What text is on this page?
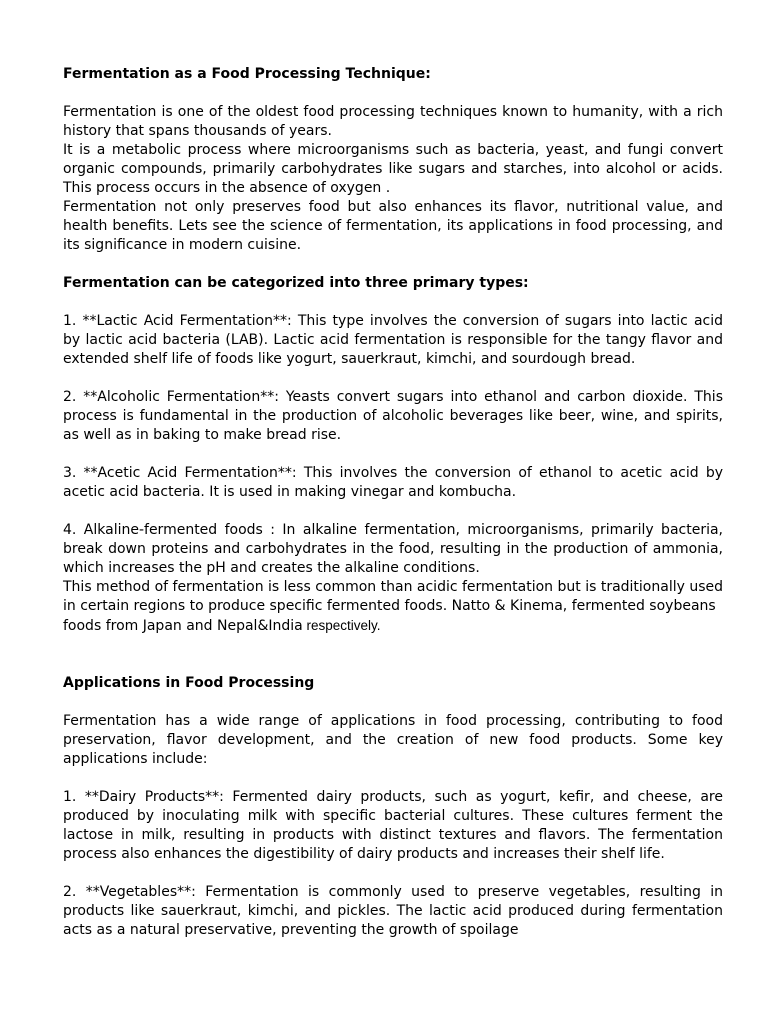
Fermentation as a Food Processing Technique:

Fermentation is one of the oldest food processing techniques known to humanity, with a rich history that spans thousands of years.

It is a metabolic process where microorganisms such as bacteria, yeast, and fungi convert organic compounds, primarily carbohydrates like sugars and starches, into alcohol or acids. This process occurs in the absence of oxygen .

Fermentation not only preserves food but also enhances its flavor, nutritional value, and health benefits. Lets see the science of fermentation, its applications in food processing, and its significance in modern cuisine.

Fermentation can be categorized into three primary types:

1. **Lactic Acid Fermentation**: This type involves the conversion of sugars into lactic acid by lactic acid bacteria (LAB). Lactic acid fermentation is responsible for the tangy flavor and extended shelf life of foods like yogurt, sauerkraut, kimchi, and sourdough bread.

2. **Alcoholic Fermentation**: Yeasts convert sugars into ethanol and carbon dioxide. This process is fundamental in the production of alcoholic beverages like beer, wine, and spirits, as well as in baking to make bread rise.

3. **Acetic Acid Fermentation**: This involves the conversion of ethanol to acetic acid by acetic acid bacteria. It is used in making vinegar and kombucha.

4. Alkaline-fermented foods : In alkaline fermentation, microorganisms, primarily bacteria, break down proteins and carbohydrates in the food, resulting in the production of ammonia, which increases the pH and creates the alkaline conditions.

This method of fermentation is less common than acidic fermentation but is traditionally used in certain regions to produce specific fermented foods. Natto & Kinema, fermented soybeans foods from Japan and Nepal&India respectively.

Applications in Food Processing

Fermentation has a wide range of applications in food processing, contributing to food preservation, flavor development, and the creation of new food products. Some key applications include:

1. **Dairy Products**: Fermented dairy products, such as yogurt, kefir, and cheese, are produced by inoculating milk with specific bacterial cultures. These cultures ferment the lactose in milk, resulting in products with distinct textures and flavors. The fermentation process also enhances the digestibility of dairy products and increases their shelf life.

2. **Vegetables**: Fermentation is commonly used to preserve vegetables, resulting in products like sauerkraut, kimchi, and pickles. The lactic acid produced during fermentation acts as a natural preservative, preventing the growth of spoilage
